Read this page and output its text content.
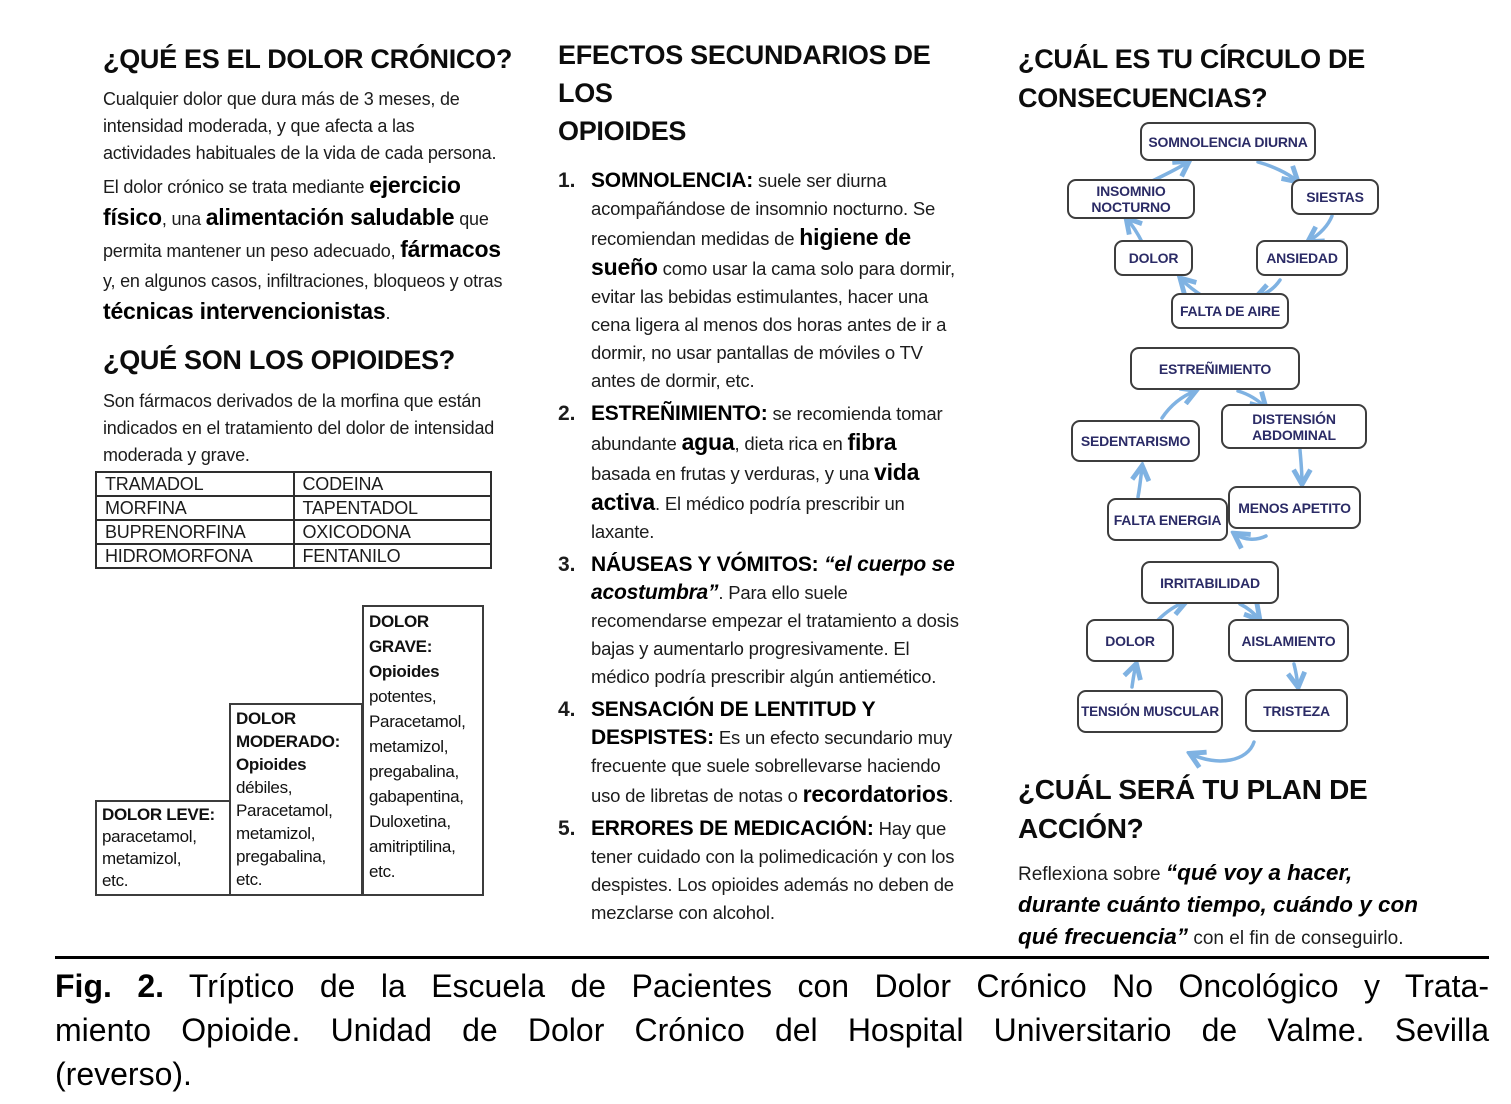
¿QUÉ ES EL DOLOR CRÓNICO?

Cualquier dolor que dura más de 3 meses, de intensidad moderada, y que afecta a las actividades habituales de la vida de cada persona.

El dolor crónico se trata mediante ejercicio físico, una alimentación saludable que permita mantener un peso adecuado, fármacos y, en algunos casos, infiltraciones, bloqueos y otras técnicas intervencionistas.

¿QUÉ SON LOS OPIOIDES?

Son fármacos derivados de la morfina que están indicados en el tratamiento del dolor de intensidad moderada y grave.

TRAMADOL	CODEINA
MORFINA	TAPENTADOL
BUPRENORFINA	OXICODONA
HIDROMORFONA	FENTANILO
DOLOR LEVE:
paracetamol,
metamizol,
etc.
DOLOR
MODERADO:
Opioides
débiles,
Paracetamol,
metamizol,
pregabalina,
etc.
DOLOR
GRAVE:
Opioides
potentes,
Paracetamol,
metamizol,
pregabalina,
gabapentina,
Duloxetina,
amitriptilina,
etc.
EFECTOS SECUNDARIOS DE LOS
OPIOIDES
1. SOMNOLENCIA: suele ser diurna acompañándose de insomnio nocturno. Se recomiendan medidas de higiene de sueño como usar la cama solo para dormir, evitar las bebidas estimulantes, hacer una cena ligera al menos dos horas antes de ir a dormir, no usar pantallas de móviles o TV antes de dormir, etc.
2. ESTREÑIMIENTO: se recomienda tomar abundante agua, dieta rica en fibra basada en frutas y verduras, y una vida activa. El médico podría prescribir un laxante.
3. NÁUSEAS Y VÓMITOS: “el cuerpo se acostumbra”. Para ello suele recomendarse empezar el tratamiento a dosis bajas y aumentarlo progresivamente. El médico podría prescribir algún antiemético.
4. SENSACIÓN DE LENTITUD Y DESPISTES: Es un efecto secundario muy frecuente que suele sobrellevarse haciendo uso de libretas de notas o recordatorios.
5. ERRORES DE MEDICACIÓN: Hay que tener cuidado con la polimedicación y con los despistes. Los opioides además no deben de mezclarse con alcohol.
¿CUÁL ES TU CÍRCULO DE
CONSECUENCIAS?
SOMNOLENCIA DIURNA
INSOMNIO NOCTURNO
SIESTAS
DOLOR	ANSIEDAD
FALTA DE AIRE
ESTREÑIMIENTO
DISTENSIÓN ABDOMINAL
SEDENTARISMO
FALTA ENERGIA
MENOS APETITO
IRRITABILIDAD
DOLOR	AISLAMIENTO
TENSIÓN MUSCULAR	TRISTEZA
¿CUÁL SERÁ TU PLAN DE ACCIÓN?

Reflexiona sobre “qué voy a hacer, durante cuánto tiempo, cuándo y con qué frecuencia” con el fin de conseguirlo.

Fig. 2. Tríptico de la Escuela de Pacientes con Dolor Crónico No Oncológico y Trata-
miento Opioide. Unidad de Dolor Crónico del Hospital Universitario de Valme. Sevilla
(reverso).
